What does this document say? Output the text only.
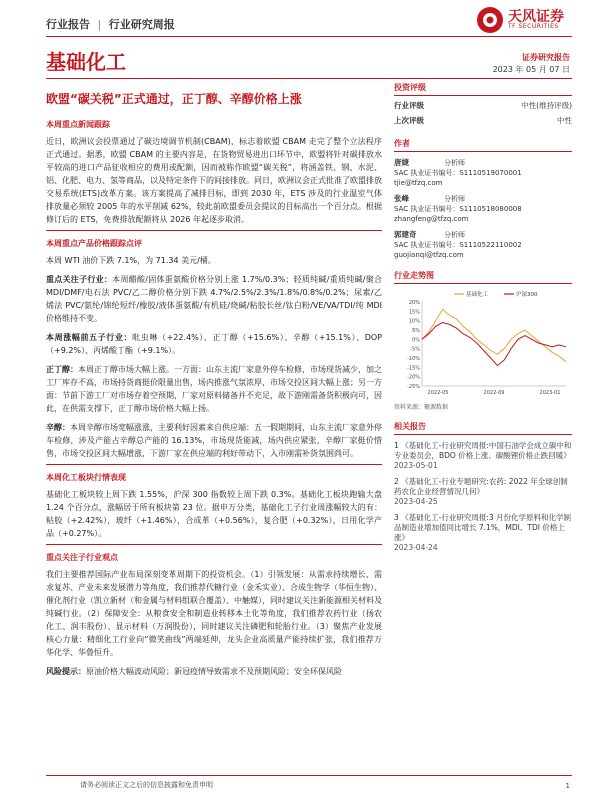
行业报告 | 行业研究周报	天风证券
TF SECURITIES
基础化工	证券研究报告
2023 年 05 月 07 日
欧盟“碳关税”正式通过，正丁醇、辛醇价格上涨
本周重点新闻跟踪

近日，欧洲议会投票通过了碳边境调节机制(CBAM)，标志着欧盟 CBAM 走完了整个立法程序正式通过。据悉，欧盟 CBAM 的主要内容是，在货物贸易进出口环节中，欧盟将针对碳排放水平较高的进口产品征收相应的费用或配额，因而被称作欧盟“碳关税”，将涵盖铁、钢、水泥、铝、化肥、电力、氢等商品，以及特定条件下的间接排放。同日，欧洲议会正式批准了欧盟排放交易系统(ETS)改革方案。该方案提高了减排目标，即到 2030 年，ETS 涉及的行业温室气体排放量必须较 2005 年的水平削减 62%，较此前欧盟委员会提议的目标高出一个百分点。根据修订后的 ETS，免费排放配额将从 2026 年起逐步取消。

本周重点产品价格跟踪点评

本周 WTI 油价下跌 7.1%，为 71.34 美元/桶。

重点关注子行业：本周醋酸/固体蛋氨酸价格分别上涨 1.7%/0.3%；轻质纯碱/重质纯碱/聚合 MDI/DMF/电石法 PVC/乙二醇价格分别下跌 4.7%/2.5%/2.3%/1.8%/0.8%/0.2%；尿素/乙烯法 PVC/氨纶/锦纶短纤/橡胶/液体蛋氨酸/有机硅/烧碱/粘胶长丝/钛白粉/VE/VA/TDI/纯 MDI 价格维持不变。

本周涨幅前五子行业：吡虫啉（+22.4%）、正丁醇（+15.6%）、辛醇（+15.1%）、DOP（+9.2%）、丙烯酸丁酯（+9.1%）。

正丁醇：本周正丁醇市场大幅上涨。一方面：山东主流厂家意外停车检修，市场现货减少，加之工厂库存不高，市场持货商挺价限量出售，场内推涨气氛浓厚，市场交投区间大幅上涨；另一方面：节前下游工厂对市场存着空预期，厂家对原料储备并不充足，故下游刚需备货积极向可，因此，在供需支撑下，正丁醇市场价格大幅上扬。

辛醇：本周辛醇市场宽幅涨涨，主要利好因素来自供应端：五一假期期间，山东主流厂家意外停车检修，涉及产能占辛醇总产能的 16.13%，市场现货能减，场内供应紧张，辛醇厂家挺价惜售，市场交投区间大幅增涨，下游厂家在供应端的利好带动下，入市刚需补货氛围尚可。

本周化工板块行情表现

基础化工板块较上周下跌 1.55%，沪深 300 指数较上周下跌 0.3%。基础化工板块跑输大盘 1.24 个百分点，涨幅居于所有板块第 23 位。据申万分类，基础化工子行业周涨幅较大的有：粘胶（+2.42%），玻纤（+1.46%），合成革（+0.56%），复合肥（+0.32%），日用化学产品（+0.27%）。

重点关注子行业观点

我们主要推荐国际产业布局深刻变革周期下的投资机会。（1）引领发展：从需求持续增长、需求复苏、产业未来发展潜力等角度，我们推荐代糖行业（金禾实业）、合成生物学（华恒生物）、催化剂行业（凯立新材（和金属与材料组联合覆盖）、中触媒），同时建议关注新能源相关材料及纯碱行业。（2）保障安全：从粮食安全和制造业转移本土化等角度，我们推荐农药行业（扬农化工、润丰股份）、显示材料（万润股份），同时建议关注磷肥和轮胎行业。（3）聚焦产业发展核心力量：精细化工行业向“微笑曲线”两端延伸，龙头企业高质量产能持续扩张，我们推荐万华化学、华鲁恒升。

风险提示：原油价格大幅波动风险；新冠疫情导致需求不及预期风险；安全环保风险

投资评级
行业评级	中性(维持评级)
上次评级	中性
作者
唐婕	分析师
SAC 执业证书编号：S1110519070001
tjie@tfzq.com
张峰	分析师
SAC 执业证书编号：S1110518080008
zhangfeng@tfzq.com
郭建奇	分析师
SAC 执业证书编号：S1110522110002
guojianqi@tfzq.com
行业走势图
20%
15%
10%
5%
0%
-5%
-10%
-15%
-20%
-25%
2022-05	2022-09	2023-01
基础化工	沪深300
资料来源：聚源数据
相关报告
1 《基础化工-行业研究周报:中国石油学会成立碳中和专业委员会，BDO 价格上涨、碳酸锂价格止跌回暖》
2023-05-01
2 《基础化工-行业专题研究:农药: 2022 年全球创制药农化企业经营情况几何》
2023-04-25
3 《基础化工-行业研究周报:3 月份化学原料和化学制品制造业增加值同比增长 7.1%，MDI、TDI 价格上涨》
2023-04-24
请务必阅读正文之后的信息披露和免责申明	1
